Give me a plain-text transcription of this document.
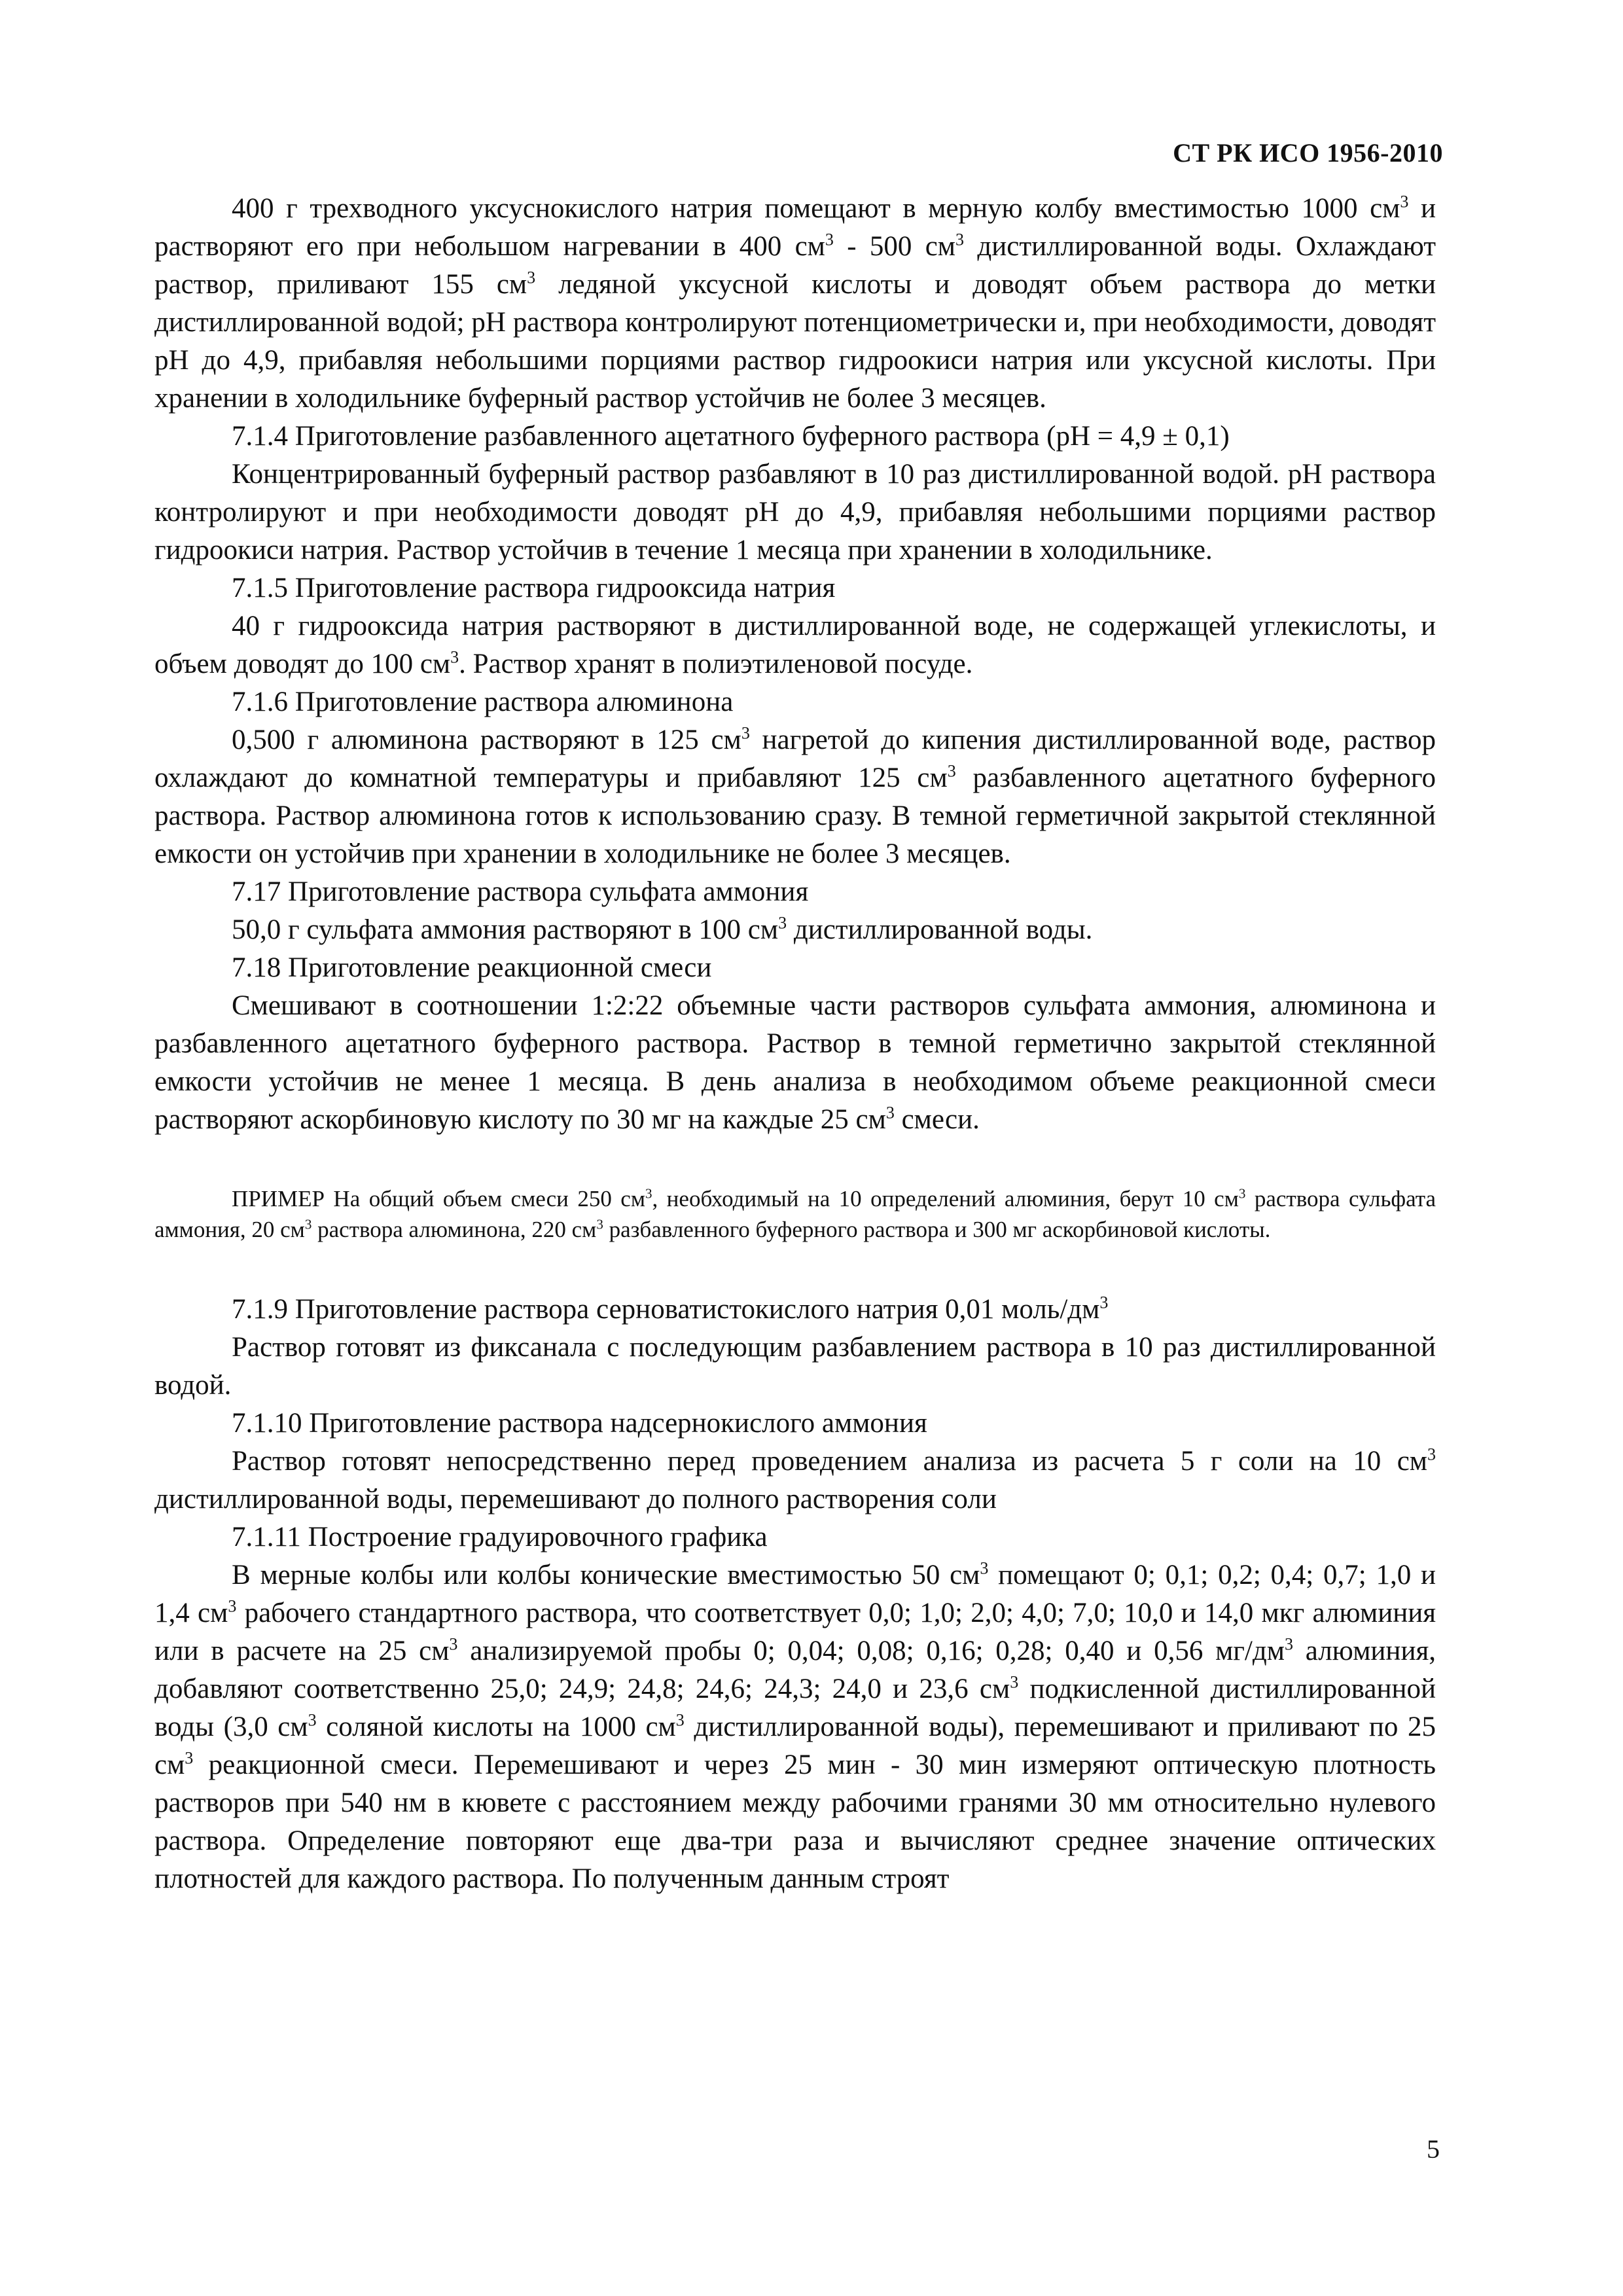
СТ РК ИСО 1956-2010

400 г трехводного уксуснокислого натрия помещают в мерную колбу вместимостью 1000 $см^3$ и растворяют его при небольшом нагревании в 400 $см^3 - 500$ $см^3$ дистиллированной воды. Охлаждают раствор, приливают 155 $см^3$ ледяной уксусной кислоты и доводят объем раствора до метки дистиллированной водой; pH раствора контролируют потенциометрически и, при необходимости, доводят pH до 4,9, прибавляя небольшими порциями раствор гидроокиси натрия или уксусной кислоты. При хранении в холодильнике буферный раствор устойчив не более 3 месяцев.

7.1.4 Приготовление разбавленного ацетатного буферного раствора (pH = 4,9 ± 0,1)

Концентрированный буферный раствор разбавляют в 10 раз дистиллированной водой. pH раствора контролируют и при необходимости доводят pH до 4,9, прибавляя небольшими порциями раствор гидроокиси натрия. Раствор устойчив в течение 1 месяца при хранении в холодильнике.

7.1.5 Приготовление раствора гидрооксида натрия

40 г гидрооксида натрия растворяют в дистиллированной воде, не содержащей углекислоты, и объем доводят до 100 $см^3$. Раствор хранят в полиэтиленовой посуде.

7.1.6 Приготовление раствора алюминона

0,500 г алюминона растворяют в 125 $см^3$ нагретой до кипения дистиллированной воде, раствор охлаждают до комнатной температуры и прибавляют 125 $см^3$ разбавленного ацетатного буферного раствора. Раствор алюминона готов к использованию сразу. В темной герметичной закрытой стеклянной емкости он устойчив при хранении в холодильнике не более 3 месяцев.

7.17 Приготовление раствора сульфата аммония

50,0 г сульфата аммония растворяют в 100 $см^3$ дистиллированной воды.

7.18 Приготовление реакционной смеси

Смешивают в соотношении 1:2:22 объемные части растворов сульфата аммония, алюминона и разбавленного ацетатного буферного раствора. Раствор в темной герметично закрытой стеклянной емкости устойчив не менее 1 месяца. В день анализа в необходимом объеме реакционной смеси растворяют аскорбиновую кислоту по 30 мг на каждые 25 $см^3$ смеси.

ПРИМЕР На общий объем смеси 250 $см^3$, необходимый на 10 определений алюминия, берут 10 $см^3$ раствора сульфата аммония, 20 $см^3$ раствора алюминона, 220 $см^3$ разбавленного буферного раствора и 300 мг аскорбиновой кислоты.

7.1.9 Приготовление раствора серноватистокислого натрия 0,01 моль/$дм^3$

Раствор готовят из фиксанала с последующим разбавлением раствора в 10 раз дистиллированной водой.

7.1.10 Приготовление раствора надсернокислого аммония

Раствор готовят непосредственно перед проведением анализа из расчета 5 г соли на 10 $см^3$ дистиллированной воды, перемешивают до полного растворения соли

7.1.11 Построение градуировочного графика

В мерные колбы или колбы конические вместимостью 50 $см^3$ помещают 0; 0,1; 0,2; 0,4; 0,7; 1,0 и 1,4 $см^3$ рабочего стандартного раствора, что соответствует 0,0; 1,0; 2,0; 4,0; 7,0; 10,0 и 14,0 мкг алюминия или в расчете на 25 $см^3$ анализируемой пробы 0; 0,04; 0,08; 0,16; 0,28; 0,40 и 0,56 $мг/дм^3$ алюминия, добавляют соответственно 25,0; 24,9; 24,8; 24,6; 24,3; 24,0 и 23,6 $см^3$ подкисленной дистиллированной воды (3,0 $см^3$ соляной кислоты на 1000 $см^3$ дистиллированной воды), перемешивают и приливают по 25 $см^3$ реакционной смеси. Перемешивают и через 25 мин - 30 мин измеряют оптическую плотность растворов при 540 нм в кювете с расстоянием между рабочими гранями 30 мм относительно нулевого раствора. Определение повторяют еще два-три раза и вычисляют среднее значение оптических плотностей для каждого раствора. По полученным данным строят

5
